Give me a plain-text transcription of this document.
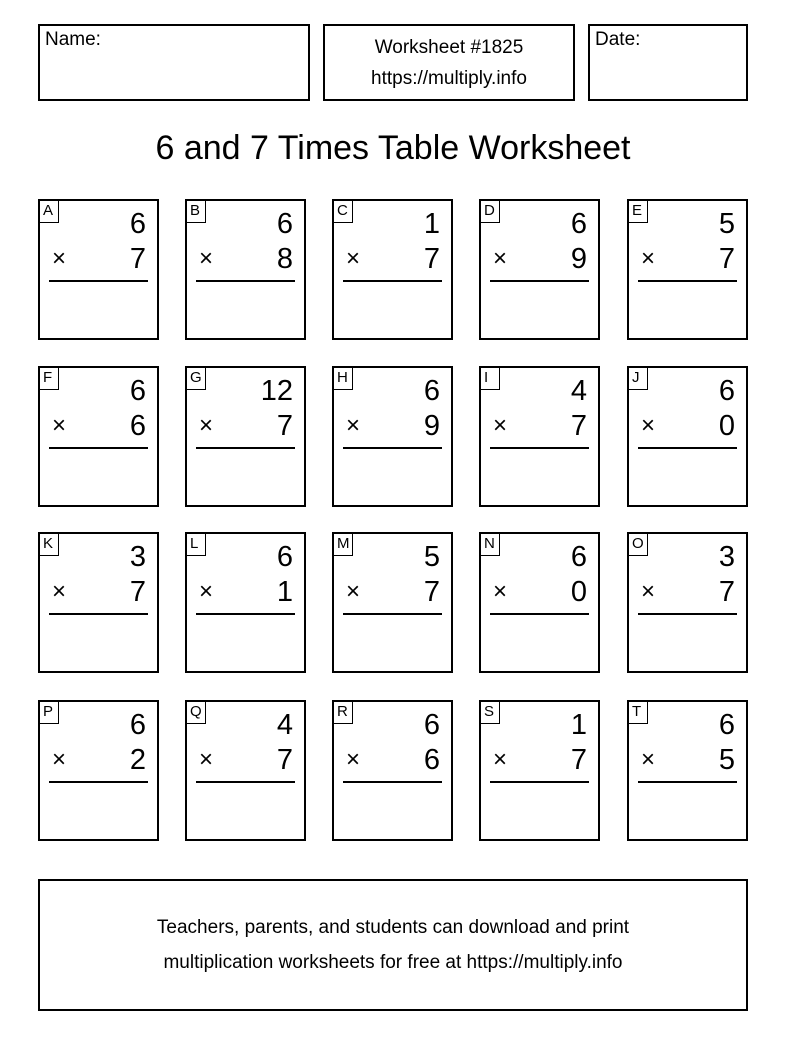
Name:	Worksheet #1825
https://multiply.info
Date:
6 and 7 Times Table Worksheet
A	6
× 7
B	6
× 8
C	1
× 7
D	6
× 9
E	5
× 7
F	6
× 6
G 12
× 7
H	6
× 9
I	4
× 7
J	6
× 0
K	3
× 7
L	6
× 1
M	5
× 7
N	6
× 0
O	3
× 7
P	6
× 2
Q	4
× 7
R	6
× 6
S	1
× 7
T	6
× 5
Teachers, parents, and students can download and print
multiplication worksheets for free at https://multiply.info
